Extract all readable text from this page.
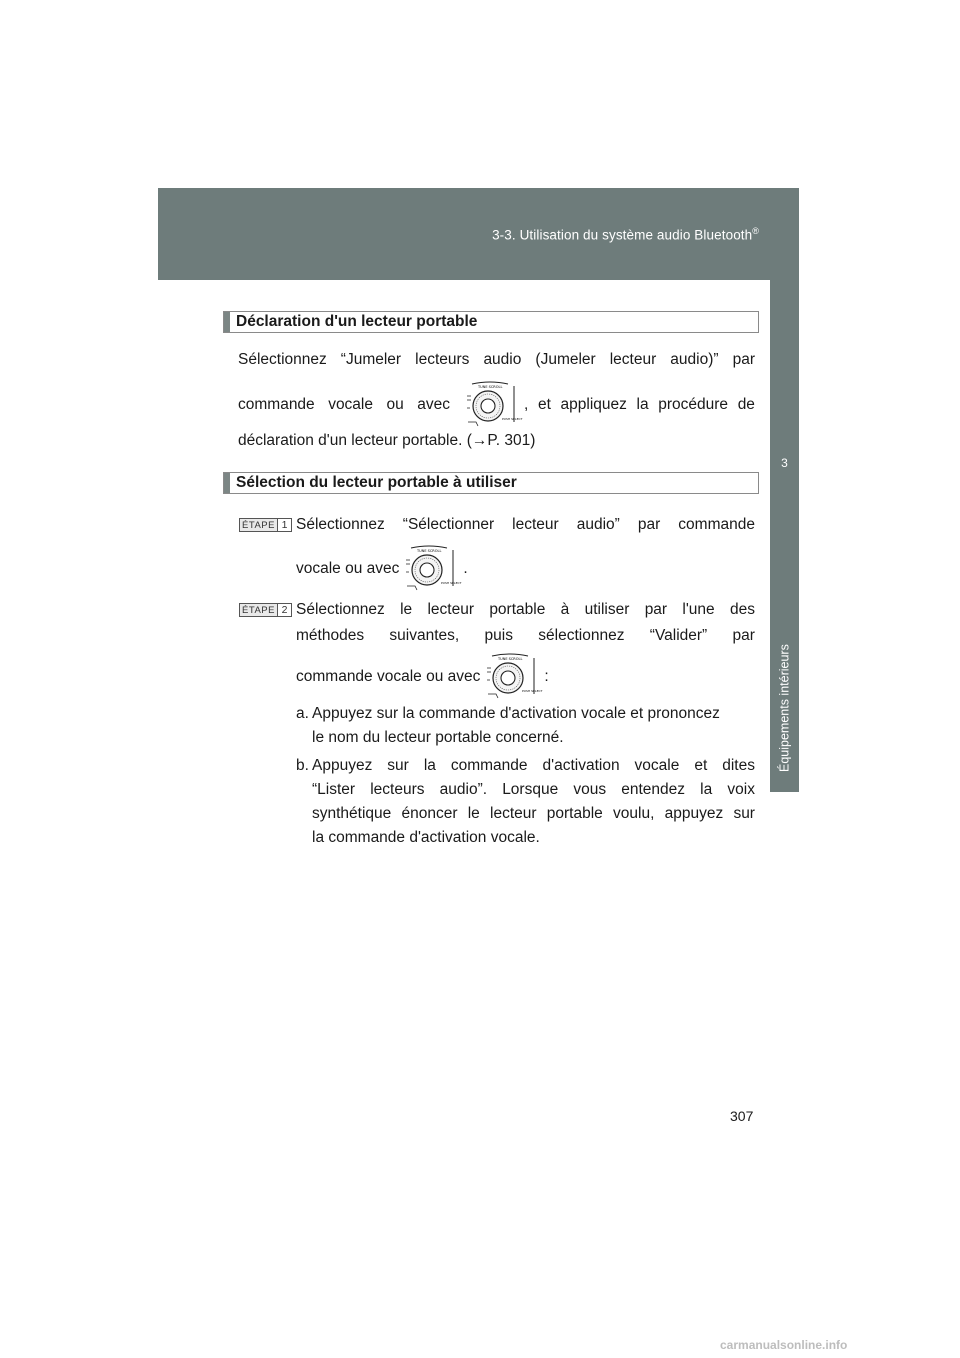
3-3. Utilisation du système audio Bluetooth®
3
Équipements intérieurs
Déclaration d'un lecteur portable
Sélectionnez “Jumeler lecteurs audio (Jumeler lecteur audio)” par
commande vocale ou avec
TUNE SCROLL
PUSH SELECT
, et appliquez la procédure de
déclaration d'un lecteur portable. (→P. 301)
Sélection du lecteur portable à utiliser
ÉTAPE 1 Sélectionnez “Sélectionner lecteur audio” par commande
vocale ou avec
TUNE SCROLL
PUSH SELECT
.
ÉTAPE 2 Sélectionnez le lecteur portable à utiliser par l'une des
méthodes suivantes, puis sélectionnez “Valider” par
commande vocale ou avec
TUNE SCROLL
PUSH SELECT
:
a. Appuyez sur la commande d'activation vocale et prononcez
le nom du lecteur portable concerné.
b. Appuyez sur la commande d'activation vocale et dites
“Lister lecteurs audio”. Lorsque vous entendez la voix
synthétique énoncer le lecteur portable voulu, appuyez sur
la commande d'activation vocale.
307
carmanualsonline.info
